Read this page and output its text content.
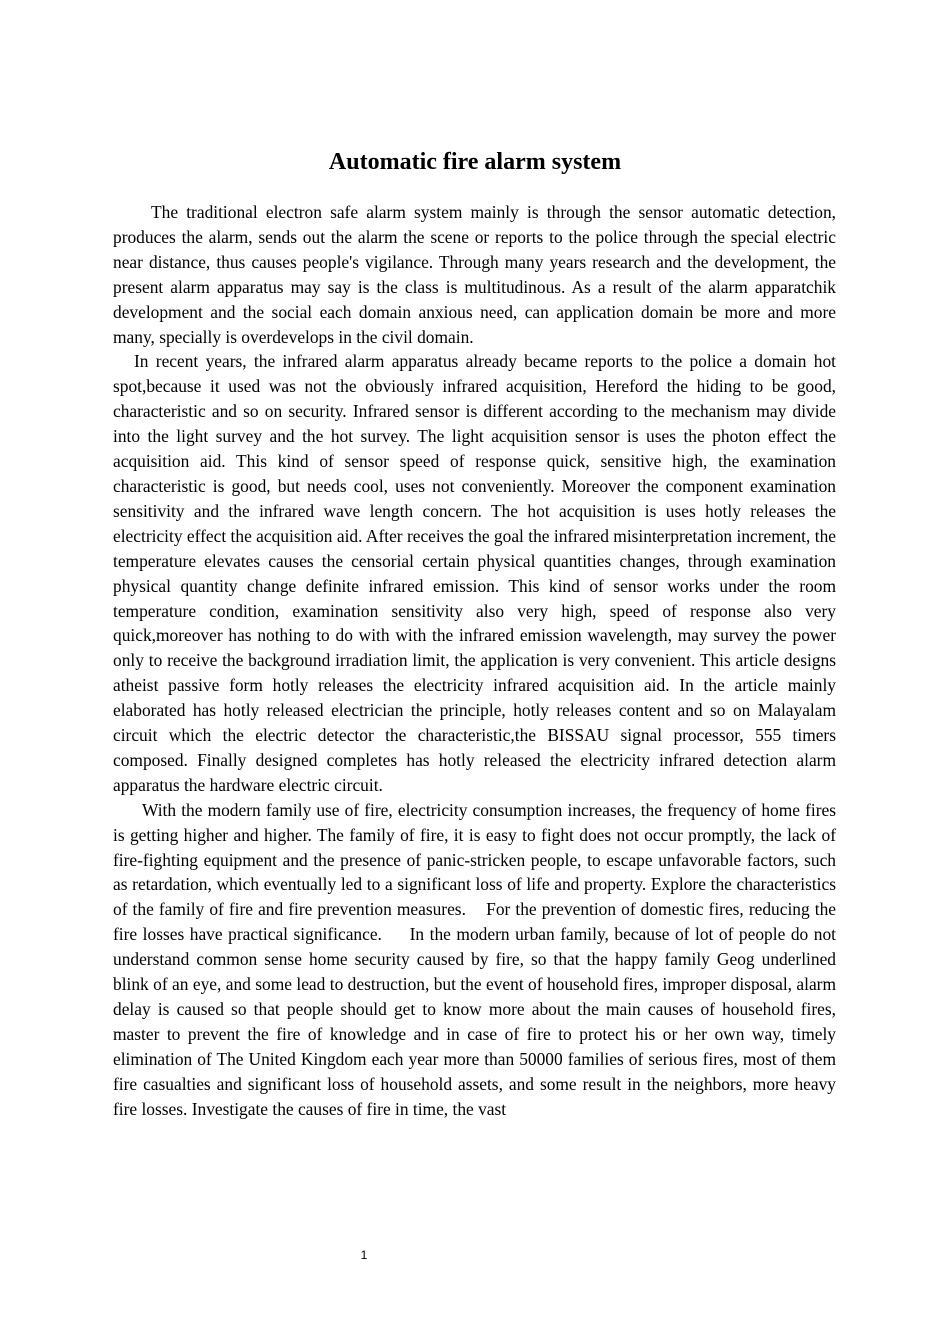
Automatic fire alarm system

The traditional electron safe alarm system mainly is through the sensor automatic detection, produces the alarm, sends out the alarm the scene or reports to the police through the special electric near distance, thus causes people's vigilance. Through many years research and the development, the present alarm apparatus may say is the class is multitudinous. As a result of the alarm apparatchik development and the social each domain anxious need, can application domain be more and more many, specially is overdevelops in the civil domain.

In recent years, the infrared alarm apparatus already became reports to the police a domain hot spot,because it used was not the obviously infrared acquisition, Hereford the hiding to be good, characteristic and so on security. Infrared sensor is different according to the mechanism may divide into the light survey and the hot survey. The light acquisition sensor is uses the photon effect the acquisition aid. This kind of sensor speed of response quick, sensitive high, the examination characteristic is good, but needs cool, uses not conveniently. Moreover the component examination sensitivity and the infrared wave length concern. The hot acquisition is uses hotly releases the electricity effect the acquisition aid. After receives the goal the infrared misinterpretation increment, the temperature elevates causes the censorial certain physical quantities changes, through examination physical quantity change definite infrared emission. This kind of sensor works under the room temperature condition, examination sensitivity also very high, speed of response also very quick,moreover has nothing to do with with the infrared emission wavelength, may survey the power only to receive the background irradiation limit, the application is very convenient. This article designs atheist passive form hotly releases the electricity infrared acquisition aid. In the article mainly elaborated has hotly released electrician the principle, hotly releases content and so on Malayalam circuit which the electric detector the characteristic,the BISSAU signal processor, 555 timers composed. Finally designed completes has hotly released the electricity infrared detection alarm apparatus the hardware electric circuit.

With the modern family use of fire, electricity consumption increases, the frequency of home fires is getting higher and higher. The family of fire, it is easy to fight does not occur promptly, the lack of fire-fighting equipment and the presence of panic-stricken people, to escape unfavorable factors, such as retardation, which eventually led to a significant loss of life and property. Explore the characteristics of the family of fire and fire prevention measures.    For the prevention of domestic fires, reducing the fire losses have practical significance.     In the modern urban family, because of lot of people do not understand common sense home security caused by fire, so that the happy family Geog underlined blink of an eye, and some lead to destruction, but the event of household fires, improper disposal, alarm delay is caused so that people should get to know more about the main causes of household fires, master to prevent the fire of knowledge and in case of fire to protect his or her own way, timely elimination of The United Kingdom each year more than 50000 families of serious fires, most of them fire casualties and significant loss of household assets, and some result in the neighbors, more heavy fire losses. Investigate the causes of fire in time, the vast

1
